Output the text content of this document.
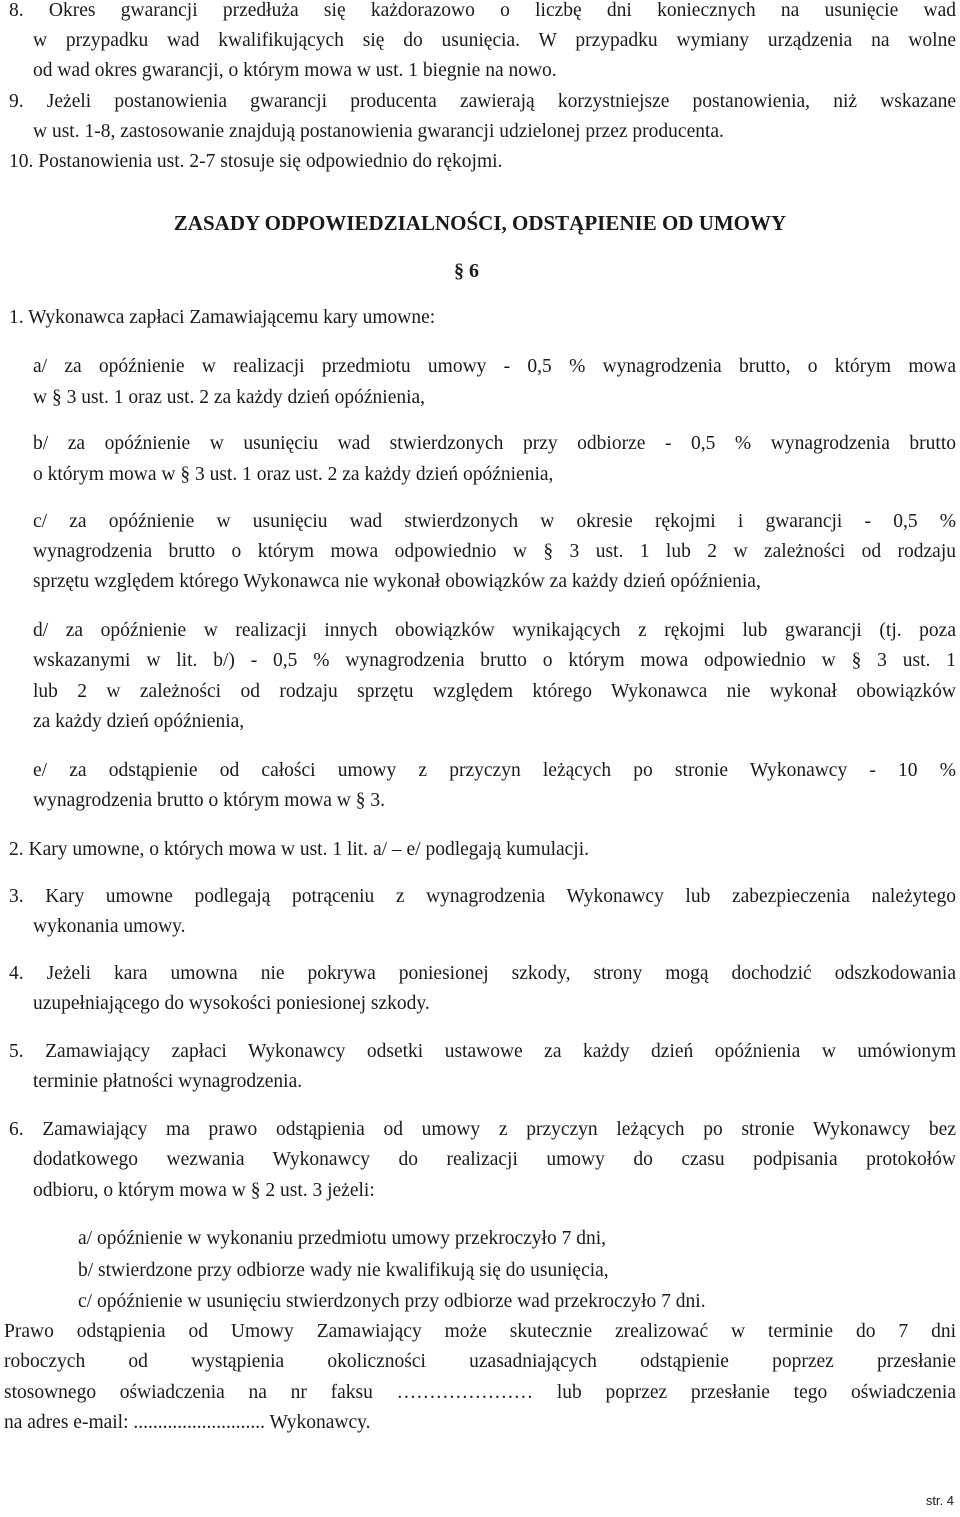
8. Okres gwarancji przedłuża się każdorazowo o liczbę dni koniecznych na usunięcie wad
w przypadku wad kwalifikujących się do usunięcia. W przypadku wymiany urządzenia na wolne
od wad okres gwarancji, o którym mowa w ust. 1 biegnie na nowo.
9. Jeżeli postanowienia gwarancji producenta zawierają korzystniejsze postanowienia, niż wskazane
w ust. 1-8, zastosowanie znajdują postanowienia gwarancji udzielonej przez producenta.
10. Postanowienia ust. 2-7 stosuje się odpowiednio do rękojmi.
ZASADY ODPOWIEDZIALNOŚCI, ODSTĄPIENIE OD UMOWY
§ 6
1. Wykonawca zapłaci Zamawiającemu kary umowne:
a/ za opóźnienie w realizacji przedmiotu umowy - 0,5 % wynagrodzenia brutto, o którym mowa
w § 3 ust. 1 oraz ust. 2 za każdy dzień opóźnienia,
b/ za opóźnienie w usunięciu wad stwierdzonych przy odbiorze - 0,5 % wynagrodzenia brutto
o którym mowa w § 3 ust. 1 oraz ust. 2 za każdy dzień opóźnienia,
c/ za opóźnienie w usunięciu wad stwierdzonych w okresie rękojmi i gwarancji - 0,5 %
wynagrodzenia brutto o którym mowa odpowiednio w § 3 ust. 1 lub 2 w zależności od rodzaju
sprzętu względem którego Wykonawca nie wykonał obowiązków za każdy dzień opóźnienia,
d/ za opóźnienie w realizacji innych obowiązków wynikających z rękojmi lub gwarancji (tj. poza
wskazanymi w lit. b/) - 0,5 % wynagrodzenia brutto o którym mowa odpowiednio w § 3 ust. 1
lub 2 w zależności od rodzaju sprzętu względem którego Wykonawca nie wykonał obowiązków
za każdy dzień opóźnienia,
e/ za odstąpienie od całości umowy z przyczyn leżących po stronie Wykonawcy - 10 %
wynagrodzenia brutto o którym mowa w § 3.
2. Kary umowne, o których mowa w ust. 1 lit. a/ – e/ podlegają kumulacji.
3. Kary umowne podlegają potrąceniu z wynagrodzenia Wykonawcy lub zabezpieczenia należytego
wykonania umowy.
4. Jeżeli kara umowna nie pokrywa poniesionej szkody, strony mogą dochodzić odszkodowania
uzupełniającego do wysokości poniesionej szkody.
5. Zamawiający zapłaci Wykonawcy odsetki ustawowe za każdy dzień opóźnienia w umówionym
terminie płatności wynagrodzenia.
6. Zamawiający ma prawo odstąpienia od umowy z przyczyn leżących po stronie Wykonawcy bez
dodatkowego wezwania Wykonawcy do realizacji umowy do czasu podpisania protokołów
odbioru, o którym mowa w § 2 ust. 3 jeżeli:
a/ opóźnienie w wykonaniu przedmiotu umowy przekroczyło 7 dni,
b/ stwierdzone przy odbiorze wady nie kwalifikują się do usunięcia,
c/ opóźnienie w usunięciu stwierdzonych przy odbiorze wad przekroczyło 7 dni.
Prawo odstąpienia od Umowy Zamawiający może skutecznie zrealizować w terminie do 7 dni
roboczych od wystąpienia okoliczności uzasadniających odstąpienie poprzez przesłanie
stosownego oświadczenia na nr faksu ………………… lub poprzez przesłanie tego oświadczenia
na adres e-mail: ........................... Wykonawcy.
str. 4
